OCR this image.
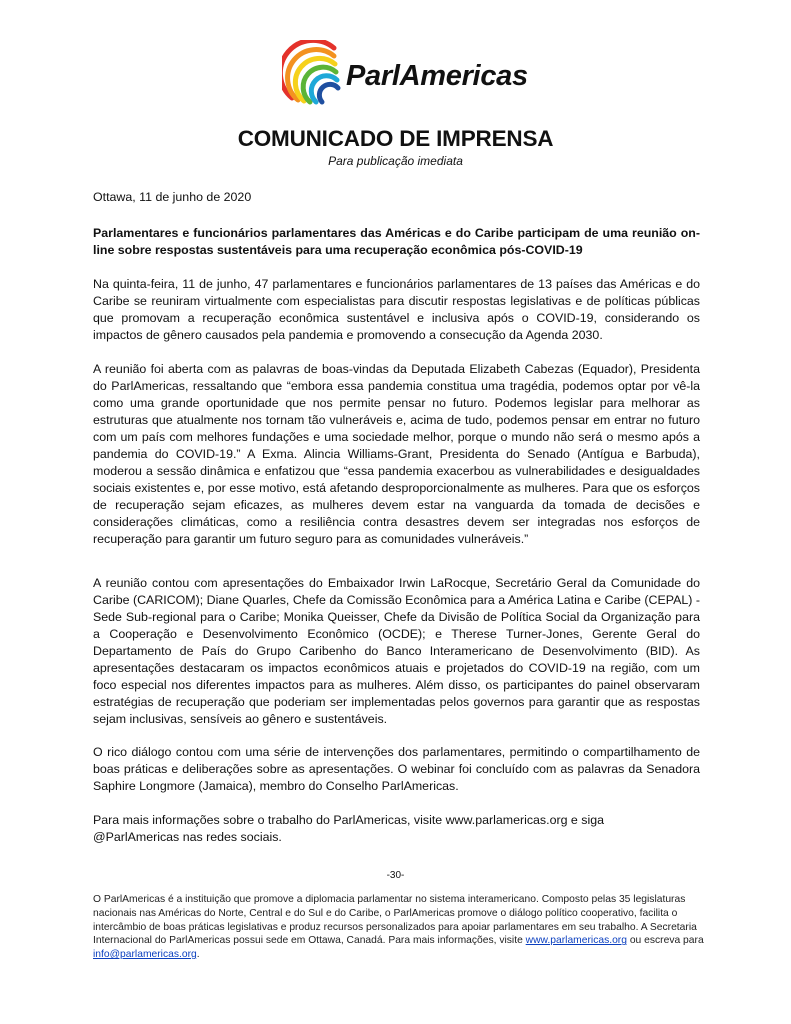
ParlAmericas
COMUNICADO DE IMPRENSA
Para publicação imediata
Ottawa, 11 de junho de 2020
Parlamentares e funcionários parlamentares das Américas e do Caribe participam de uma reunião on-line sobre respostas sustentáveis para uma recuperação econômica pós-COVID-19
Na quinta-feira, 11 de junho, 47 parlamentares e funcionários parlamentares de 13 países das Américas e do Caribe se reuniram virtualmente com especialistas para discutir respostas legislativas e de políticas públicas que promovam a recuperação econômica sustentável e inclusiva após o COVID-19, considerando os impactos de gênero causados pela pandemia e promovendo a consecução da Agenda 2030.
A reunião foi aberta com as palavras de boas-vindas da Deputada Elizabeth Cabezas (Equador), Presidenta do ParlAmericas, ressaltando que “embora essa pandemia constitua uma tragédia, podemos optar por vê-la como uma grande oportunidade que nos permite pensar no futuro. Podemos legislar para melhorar as estruturas que atualmente nos tornam tão vulneráveis e, acima de tudo, podemos pensar em entrar no futuro com um país com melhores fundações e uma sociedade melhor, porque o mundo não será o mesmo após a pandemia do COVID-19.” A Exma. Alincia Williams-Grant, Presidenta do Senado (Antígua e Barbuda), moderou a sessão dinâmica e enfatizou que “essa pandemia exacerbou as vulnerabilidades e desigualdades sociais existentes e, por esse motivo, está afetando desproporcionalmente as mulheres. Para que os esforços de recuperação sejam eficazes, as mulheres devem estar na vanguarda da tomada de decisões e considerações climáticas, como a resiliência contra desastres devem ser integradas nos esforços de recuperação para garantir um futuro seguro para as comunidades vulneráveis.”
A reunião contou com apresentações do Embaixador Irwin LaRocque, Secretário Geral da Comunidade do Caribe (CARICOM); Diane Quarles, Chefe da Comissão Econômica para a América Latina e Caribe (CEPAL) - Sede Sub-regional para o Caribe; Monika Queisser, Chefe da Divisão de Política Social da Organização para a Cooperação e Desenvolvimento Econômico (OCDE); e Therese Turner-Jones, Gerente Geral do Departamento de País do Grupo Caribenho do Banco Interamericano de Desenvolvimento (BID). As apresentações destacaram os impactos econômicos atuais e projetados do COVID-19 na região, com um foco especial nos diferentes impactos para as mulheres. Além disso, os participantes do painel observaram estratégias de recuperação que poderiam ser implementadas pelos governos para garantir que as respostas sejam inclusivas, sensíveis ao gênero e sustentáveis.
O rico diálogo contou com uma série de intervenções dos parlamentares, permitindo o compartilhamento de boas práticas e deliberações sobre as apresentações. O webinar foi concluído com as palavras da Senadora Saphire Longmore (Jamaica), membro do Conselho ParlAmericas.
Para mais informações sobre o trabalho do ParlAmericas, visite www.parlamericas.org e siga
@ParlAmericas nas redes sociais.
-30-
O ParlAmericas é a instituição que promove a diplomacia parlamentar no sistema interamericano. Composto pelas 35 legislaturas nacionais nas Américas do Norte, Central e do Sul e do Caribe, o ParlAmericas promove o diálogo político cooperativo, facilita o intercâmbio de boas práticas legislativas e produz recursos personalizados para apoiar parlamentares em seu trabalho. A Secretaria Internacional do ParlAmericas possui sede em Ottawa, Canadá. Para mais informações, visite www.parlamericas.org ou escreva para info@parlamericas.org.
